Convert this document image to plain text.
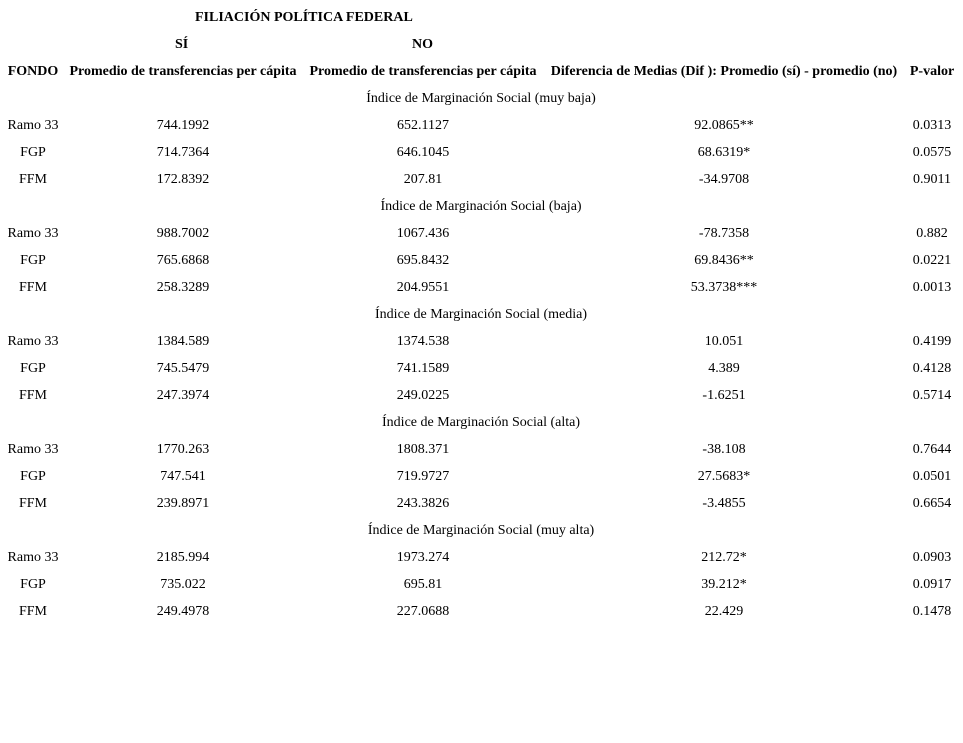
FILIACIÓN POLÍTICA FEDERAL				

SÍ NO				

FONDO	Promedio de transferencias per cápita	Promedio de transferencias per cápita	Diferencia de Medias (Dif ): Promedio (sí) - promedio (no)	P-valor
Índice de Marginación Social (muy baja)				
Ramo 33	744.1992	652.1127	92.0865**	0.0313
FGP	714.7364	646.1045	68.6319*	0.0575
FFM	172.8392	207.81	-34.9708	0.9011
Índice de Marginación Social (baja)				
Ramo 33	988.7002	1067.436	-78.7358	0.882
FGP	765.6868	695.8432	69.8436**	0.0221
FFM	258.3289	204.9551	53.3738***	0.0013
Índice de Marginación Social (media)				
Ramo 33	1384.589	1374.538	10.051	0.4199
FGP	745.5479	741.1589	4.389	0.4128
FFM	247.3974	249.0225	-1.6251	0.5714
Índice de Marginación Social (alta)				
Ramo 33	1770.263	1808.371	-38.108	0.7644
FGP	747.541	719.9727	27.5683*	0.0501
FFM	239.8971	243.3826	-3.4855	0.6654
Índice de Marginación Social (muy alta)				
Ramo 33	2185.994	1973.274	212.72*	0.0903
FGP	735.022	695.81	39.212*	0.0917
FFM	249.4978	227.0688	22.429	0.1478
